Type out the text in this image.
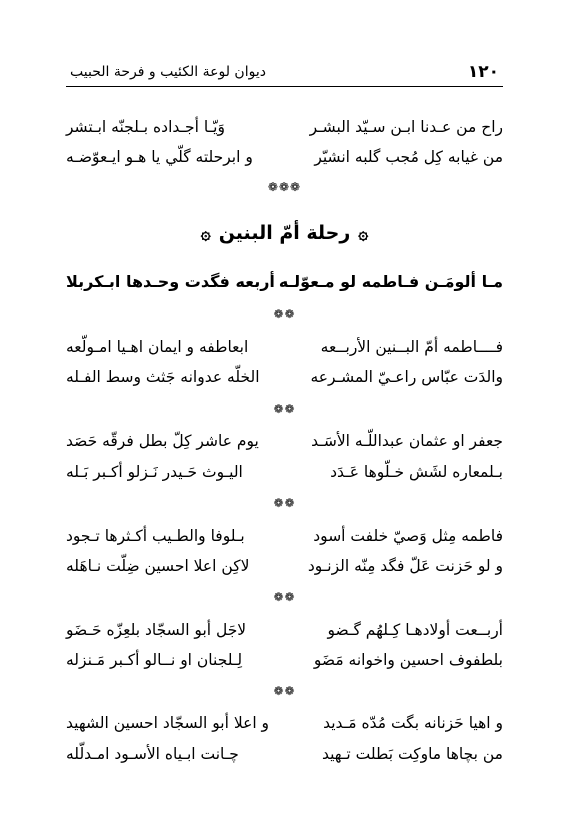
١٢٠
ديوان لوعة الكئيب و فرحة الحبيب
راح من عـدنا ابـن سـيّد البشـر
وَيّـا أجـداده بـلجنّه ابـتشر
من غيابه كِل مُجب گلبه انشيّر
و ابرحلته گلّي يا هـو ايـعوّضـه
❁❁❁
۞رحلة أمّ البنين۞
مـا ألومَـن فـاطمه لو مـعوّلـه
أربعه فگدت وحـدها ابـكربلا
❁❁
فــــاطمه أمّ البــنين الأربــعه
ابعاطفه و ايمان اهـيا امـولّعه
والدَت عبّاس راعـيّ المشـرعه
الخلّه عدوانه جَثث وسط الفـله
❁❁
جعفر او عثمان عبداللّـه الأسَـد
يوم عاشر كِلّ بطل فرقّه حَصَد
بـلمعاره لشَش خـلّوها عَـدَد
اليـوث حَـيدر نَـزلو أكـبر بَـله
❁❁
فاطمه مِثل وَصيّ خلفت أسود
بـلوفا والطـيب أكـثرها تـجود
و لو حَزنت عَلّ فگد مِنّه الزنـود
لاكِن اعلا احسين ضِلّت نـاهَله
❁❁
أربــعت أولادهـا كِـلهُم گـضو
لاجَل أبو السجّاد بلعِزّه حَـضَو
بلطفوف احسين واخوانه مَضَو
لِـلجنان او نــالو أكـبر مَـنزله
❁❁
و اهيا حَزنانه بگت مُدّه مَـديد
و اعلا أبو السجّاد احسين الشهيد
من بچاها ماوكِت بَطلت تـهيد
چـانت ابـياه الأسـود امـدلّله
